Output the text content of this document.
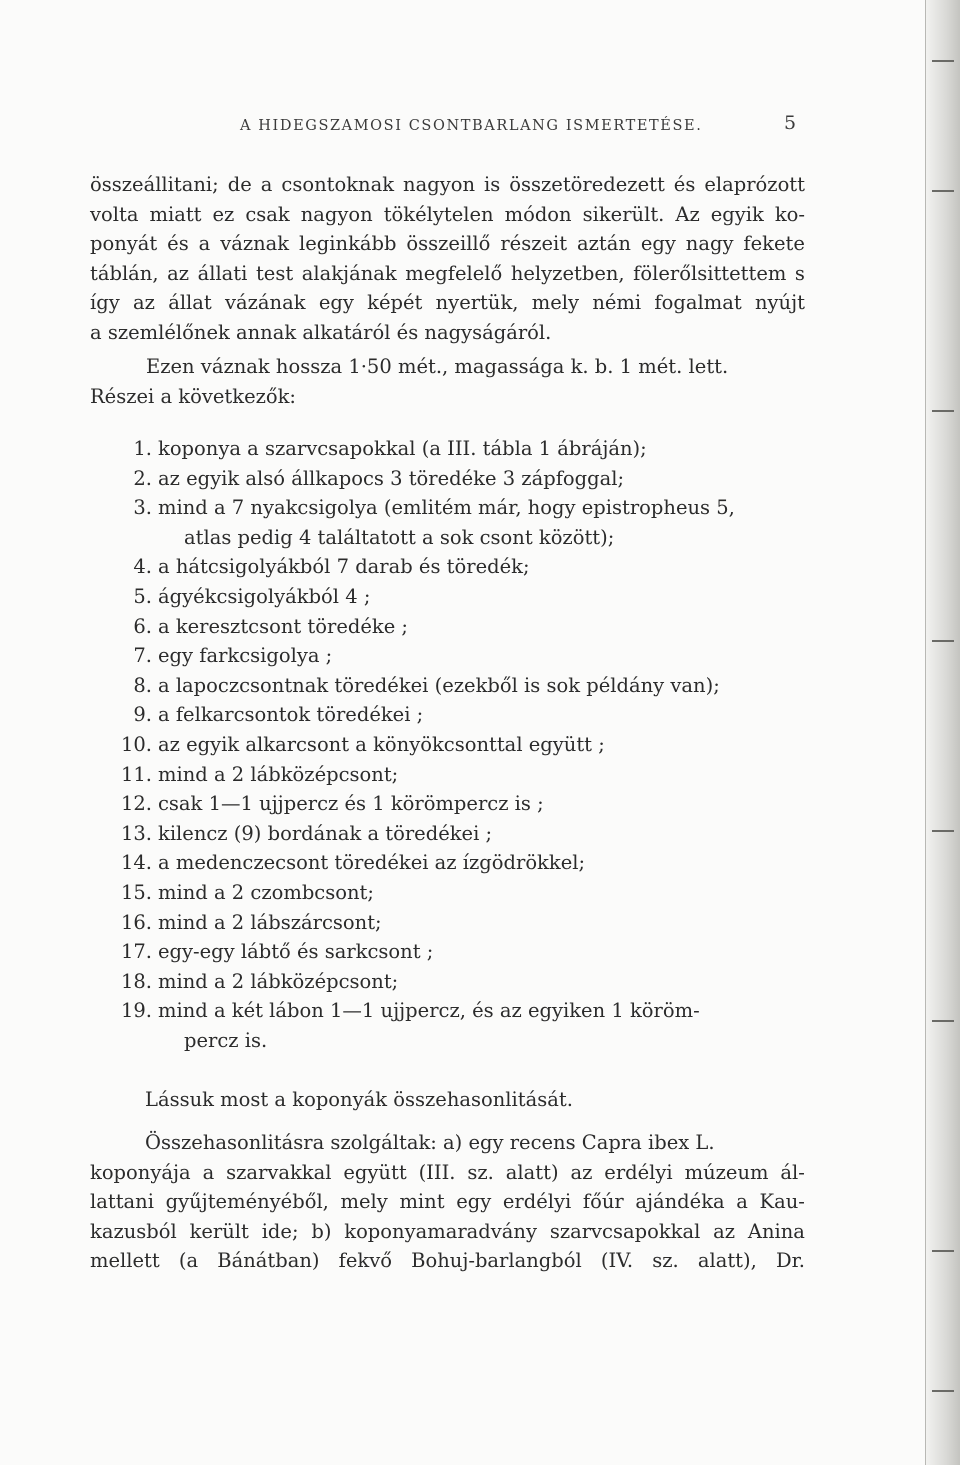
A HIDEGSZAMOSI CSONTBARLANG ISMERTETÉSE.	5
összeállitani; de a csontoknak nagyon is összetöredezett és elaprózott
volta miatt ez csak nagyon tökélytelen módon sikerült. Az egyik ko-
ponyát és a váznak leginkább összeillő részeit aztán egy nagy fekete
táblán, az állati test alakjának megfelelő helyzetben, fölerőlsittettem s
így az állat vázának egy képét nyertük, mely némi fogalmat nyújt
a szemlélőnek annak alkatáról és nagyságáról.
Ezen váznak hossza 1·50 mét., magassága k. b. 1 mét. lett.
Részei a következők:
1. koponya a szarvcsapokkal (a III. tábla 1 ábráján);
2. az egyik alsó állkapocs 3 töredéke 3 zápfoggal;
3. mind a 7 nyakcsigolya (emlitém már, hogy epistropheus 5,
atlas pedig 4 találtatott a sok csont között);
4. a hátcsigolyákból 7 darab és töredék;
5. ágyékcsigolyákból 4 ;
6. a keresztcsont töredéke ;
7. egy farkcsigolya ;
8. a lapoczcsontnak töredékei (ezekből is sok példány van);
9. a felkarcsontok töredékei ;
10. az egyik alkarcsont a könyökcsonttal együtt ;
11. mind a 2 lábközépcsont;
12. csak 1—1 ujjpercz és 1 körömpercz is ;
13. kilencz (9) bordának a töredékei ;
14. a medenczecsont töredékei az ízgödrökkel;
15. mind a 2 czombcsont;
16. mind a 2 lábszárcsont;
17. egy-egy lábtő és sarkcsont ;
18. mind a 2 lábközépcsont;
19. mind a két lábon 1—1 ujjpercz, és az egyiken 1 köröm-
percz is.
Lássuk most a koponyák összehasonlitását.
Összehasonlitásra szolgáltak: a) egy recens Capra ibex L.
koponyája a szarvakkal együtt (III. sz. alatt) az erdélyi múzeum ál-
lattani gyűjteményéből, mely mint egy erdélyi főúr ajándéka a Kau-
kazusból került ide; b) koponyamaradvány szarvcsapokkal az Anina
mellett (a Bánátban) fekvő Bohuj-barlangból (IV. sz. alatt), Dr.
